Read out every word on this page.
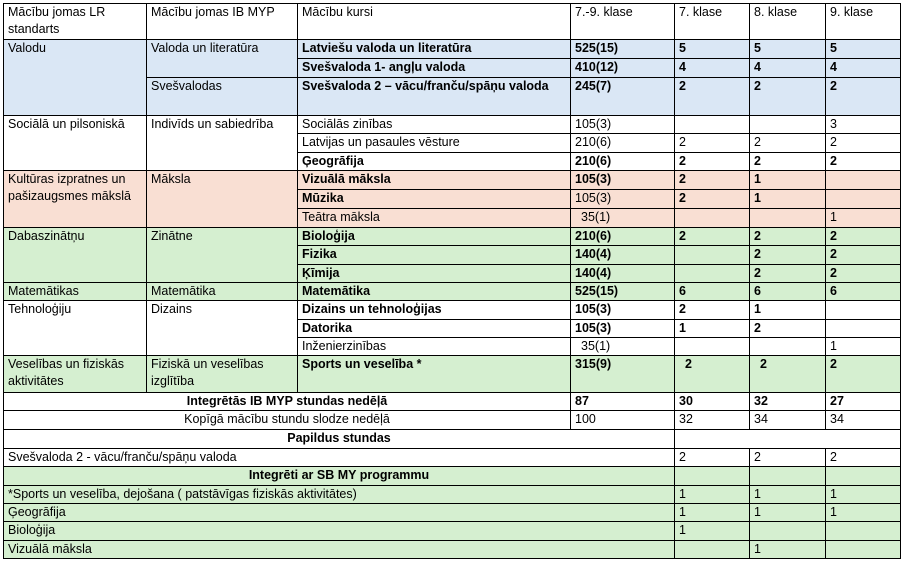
Mācību jomas LR standarts	Mācību jomas IB MYP	Mācību kursi	7.-9. klase	7. klase	8. klase	9. klase
Valodu	Valoda un literatūra	Latviešu valoda un literatūra	525(15)	5	5	5
		Svešvaloda 1- angļu valoda	410(12)	4	4	4
	Svešvalodas	Svešvaloda 2 – vācu/franču/spāņu valoda	245(7)	2	2	2
Sociālā un pilsoniskā	Indivīds un sabiedrība	Sociālās zinības	105(3)			3
		Latvijas un pasaules vēsture	210(6)	2	2	2
		Ģeogrāfija	210(6)	2	2	2
Kultūras izpratnes un pašizaugsmes mākslā	Māksla	Vizuālā māksla	105(3)	2	1	
		Mūzika	105(3)	2	1	
		Teātra māksla	35(1)			1
Dabaszinātņu	Zinātne	Bioloģija	210(6)	2	2	2
		Fizika	140(4)		2	2
		Ķīmija	140(4)		2	2
Matemātikas	Matemātika	Matemātika	525(15)	6	6	6
Tehnoloģiju	Dizains	Dizains un tehnoloģijas	105(3)	2	1	
		Datorika	105(3)	1	2	
		Inženierzinības	35(1)			1
Veselības un fiziskās aktivitātes	Fiziskā un veselības izglītība	Sports un veselība *	315(9)	2	2	2
Integrētās IB MYP stundas nedēļā			87	30	32	27
Kopīgā mācību stundu slodze nedēļā			100	32	34	34
Papildus stundas						
Svešvaloda 2 - vācu/franču/spāņu valoda				2	2	2
Integrēti ar SB MY programmu						
*Sports un veselība, dejošana ( patstāvīgas fiziskās aktivitātes)				1	1	1
Ģeogrāfija				1	1	1
Bioloģija				1		
Vizuālā māksla					1	
